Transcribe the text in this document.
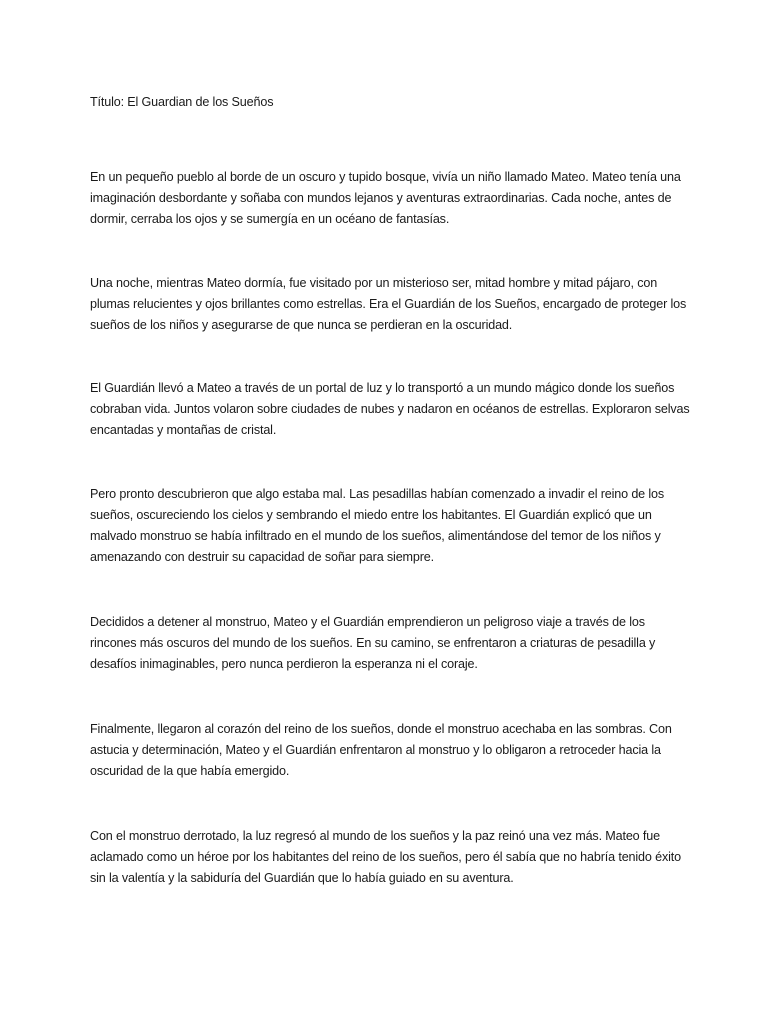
Título: El Guardian de los Sueños

En un pequeño pueblo al borde de un oscuro y tupido bosque, vivía un niño llamado Mateo. Mateo tenía una imaginación desbordante y soñaba con mundos lejanos y aventuras extraordinarias. Cada noche, antes de dormir, cerraba los ojos y se sumergía en un océano de fantasías.

Una noche, mientras Mateo dormía, fue visitado por un misterioso ser, mitad hombre y mitad pájaro, con plumas relucientes y ojos brillantes como estrellas. Era el Guardián de los Sueños, encargado de proteger los sueños de los niños y asegurarse de que nunca se perdieran en la oscuridad.

El Guardián llevó a Mateo a través de un portal de luz y lo transportó a un mundo mágico donde los sueños cobraban vida. Juntos volaron sobre ciudades de nubes y nadaron en océanos de estrellas. Exploraron selvas encantadas y montañas de cristal.

Pero pronto descubrieron que algo estaba mal. Las pesadillas habían comenzado a invadir el reino de los sueños, oscureciendo los cielos y sembrando el miedo entre los habitantes. El Guardián explicó que un malvado monstruo se había infiltrado en el mundo de los sueños, alimentándose del temor de los niños y amenazando con destruir su capacidad de soñar para siempre.

Decididos a detener al monstruo, Mateo y el Guardián emprendieron un peligroso viaje a través de los rincones más oscuros del mundo de los sueños. En su camino, se enfrentaron a criaturas de pesadilla y desafíos inimaginables, pero nunca perdieron la esperanza ni el coraje.

Finalmente, llegaron al corazón del reino de los sueños, donde el monstruo acechaba en las sombras. Con astucia y determinación, Mateo y el Guardián enfrentaron al monstruo y lo obligaron a retroceder hacia la oscuridad de la que había emergido.

Con el monstruo derrotado, la luz regresó al mundo de los sueños y la paz reinó una vez más. Mateo fue aclamado como un héroe por los habitantes del reino de los sueños, pero él sabía que no habría tenido éxito sin la valentía y la sabiduría del Guardián que lo había guiado en su aventura.
